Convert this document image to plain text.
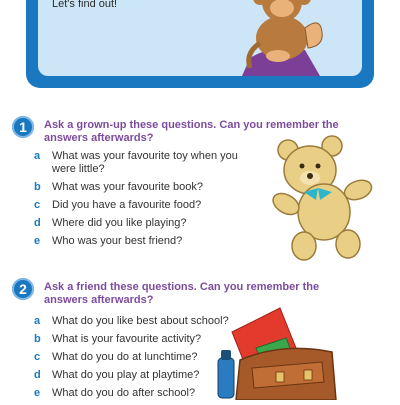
Let's find out!
1	Ask a grown-up these questions. Can you remember the answers afterwards?
a What was your favourite toy when you were little?
b What was your favourite book?
c Did you have a favourite food?
d Where did you like playing?
e Who was your best friend?
2	Ask a friend these questions. Can you remember the answers afterwards?
a What do you like best about school?
b What is your favourite activity?
c What do you do at lunchtime?
d What do you play at playtime?
e What do you do after school?
